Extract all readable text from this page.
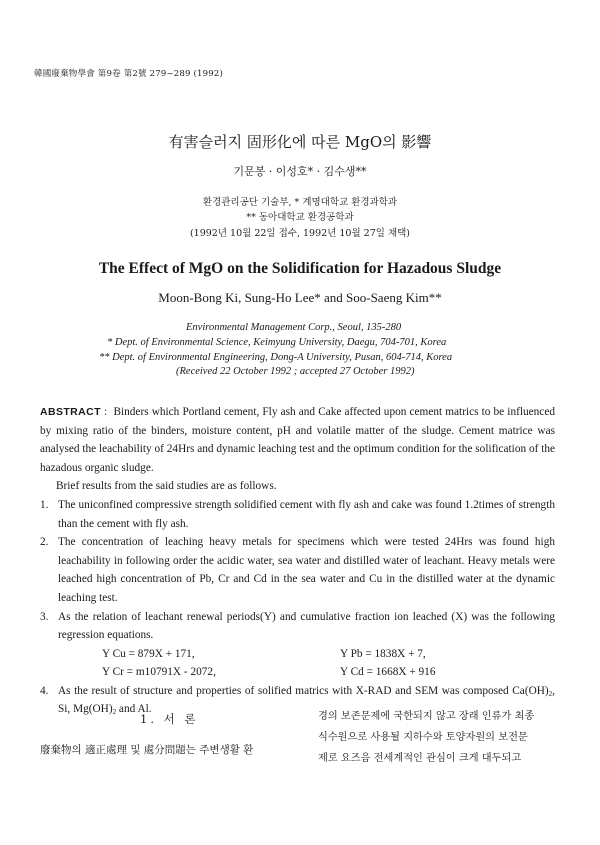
韓國廢棄物學會 第9卷 第2號 279~289 (1992)
有害슬러지 固形化에 따른 MgO의 影響
기문봉 · 이성호* · 김수생**
환경관리공단 기술부, * 계명대학교 환경과학과
** 동아대학교 환경공학과
(1992년 10월 22일 접수, 1992년 10월 27일 채택)
The Effect of MgO on the Solidification for Hazadous Sludge
Moon-Bong Ki, Sung-Ho Lee* and Soo-Saeng Kim**
Environmental Management Corp., Seoul, 135-280
* Dept. of Environmental Science, Keimyung University, Daegu, 704-701, Korea
** Dept. of Environmental Engineering, Dong-A University, Pusan, 604-714, Korea
(Received 22 October 1992 ; accepted 27 October 1992)

ABSTRACT :  Binders which Portland cement, Fly ash and Cake affected upon cement matrics to be influenced by mixing ratio of the binders, moisture content, pH and volatile matter of the sludge. Cement matrice was analysed the leachability of 24Hrs and dynamic leaching test and the optimum condition for the solification of the hazadous organic sludge.

Brief results from the said studies are as follows.

1. The uniconfined compressive strength solidified cement with fly ash and cake was found 1.2times of strength than the cement with fly ash.

2. The concentration of leaching heavy metals for specimens which were tested 24Hrs was found high leachability in following order the acidic water, sea water and distilled water of leachant. Heavy metals were leached high concentration of Pb, Cr and Cd in the sea water and Cu in the distilled water at the dynamic leaching test.

3. As the relation of leachant renewal periods(Y) and cumulative fraction ion leached (X) was the following regression equations.

Y Cu = 879X + 171,	Y Pb = 1838X + 7,
Y Cr = m10791X - 2072,	Y Cd = 1668X + 916

4. As the result of structure and properties of solified matrics with X-RAD and SEM was composed $Ca(OH)_2$, Si, $Mg(OH)_2$ and Al.

1. 서 론
廢棄物의 適正處理 및 處分問題는 주변생활 환
경의 보존문제에 국한되지 않고 장래 인류가 최종
식수원으로 사용될 지하수와 토양자원의 보전문
제로 요즈음 전세계적인 관심이 크게 대두되고
